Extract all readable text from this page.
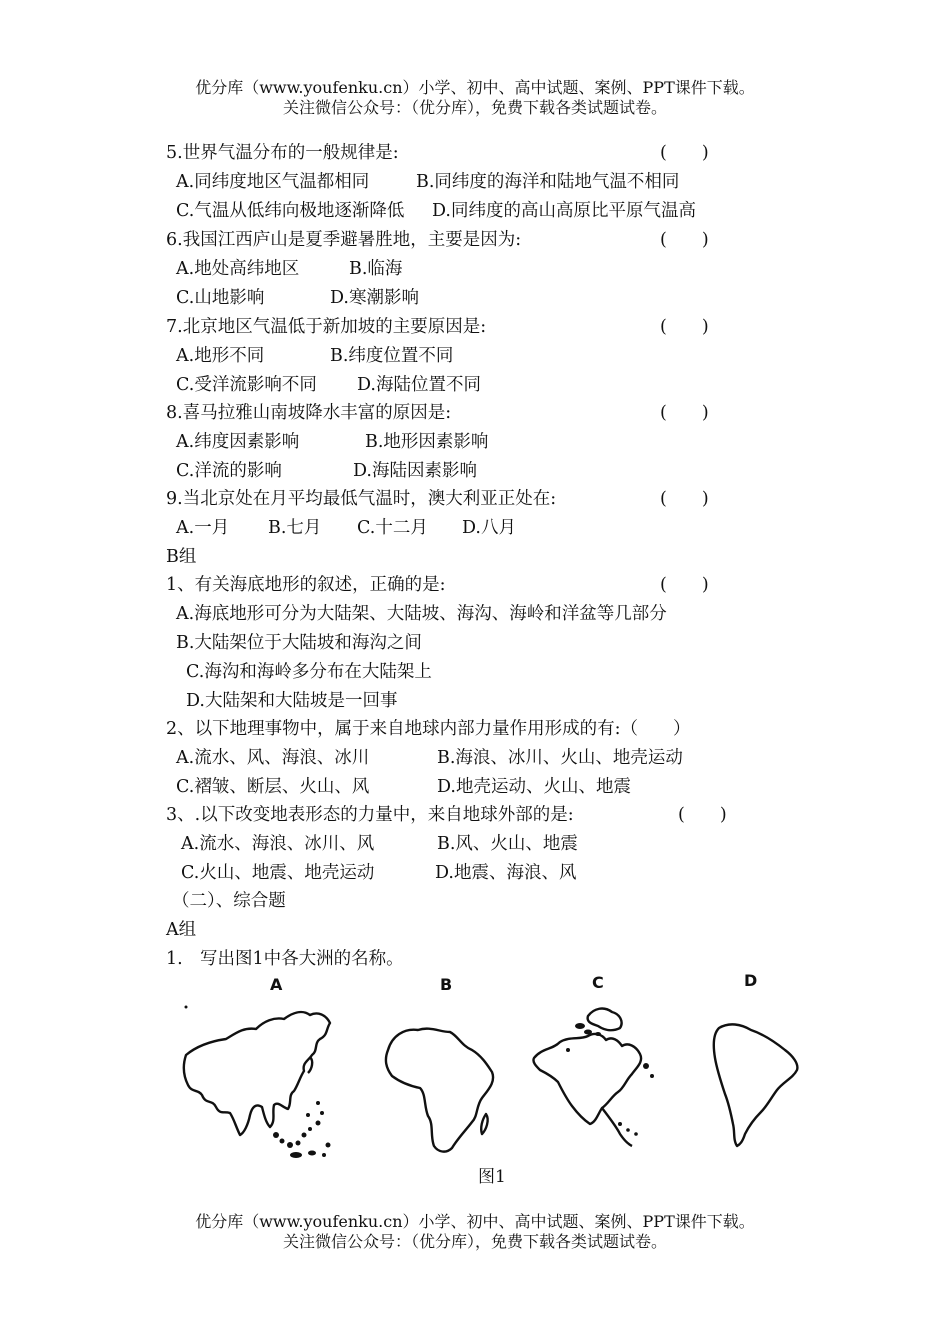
优分库（www.youfenku.cn）小学、初中、高中试题、案例、PPT课件下载。
关注微信公众号：（优分库），免费下载各类试题试卷。
5.世界气温分布的一般规律是:	(　　)
A.同纬度地区气温都相同	B.同纬度的海洋和陆地气温不相同
C.气温从低纬向极地逐渐降低 D.同纬度的高山高原比平原气温高
6.我国江西庐山是夏季避暑胜地，主要是因为:	(　　)
A.地处高纬地区	B.临海
C.山地影响	D.寒潮影响
7.北京地区气温低于新加坡的主要原因是:	(　　)
A.地形不同	B.纬度位置不同
C.受洋流影响不同 D.海陆位置不同
8.喜马拉雅山南坡降水丰富的原因是:	(　　)
A.纬度因素影响	B.地形因素影响
C.洋流的影响	D.海陆因素影响
9.当北京处在月平均最低气温时，澳大利亚正处在:	(　　)
A.一月 B.七月 C.十二月 D.八月
B组
1、有关海底地形的叙述，正确的是:	(　　)
A.海底地形可分为大陆架、大陆坡、海沟、海岭和洋盆等几部分
B.大陆架位于大陆坡和海沟之间
C.海沟和海岭多分布在大陆架上
D.大陆架和大陆坡是一回事
2、以下地理事物中，属于来自地球内部力量作用形成的有:（　　）
A.流水、风、海浪、冰川	B.海浪、冰川、火山、地壳运动
C.褶皱、断层、火山、风	D.地壳运动、火山、地震
3、.以下改变地表形态的力量中，来自地球外部的是:	(　　)
A.流水、海浪、冰川、风	B.风、火山、地震
C.火山、地震、地壳运动	D.地震、海浪、风
（二）、综合题
A组
1. 写出图1中各大洲的名称。
A	B	C	D
图1
优分库（www.youfenku.cn）小学、初中、高中试题、案例、PPT课件下载。
关注微信公众号：（优分库），免费下载各类试题试卷。
